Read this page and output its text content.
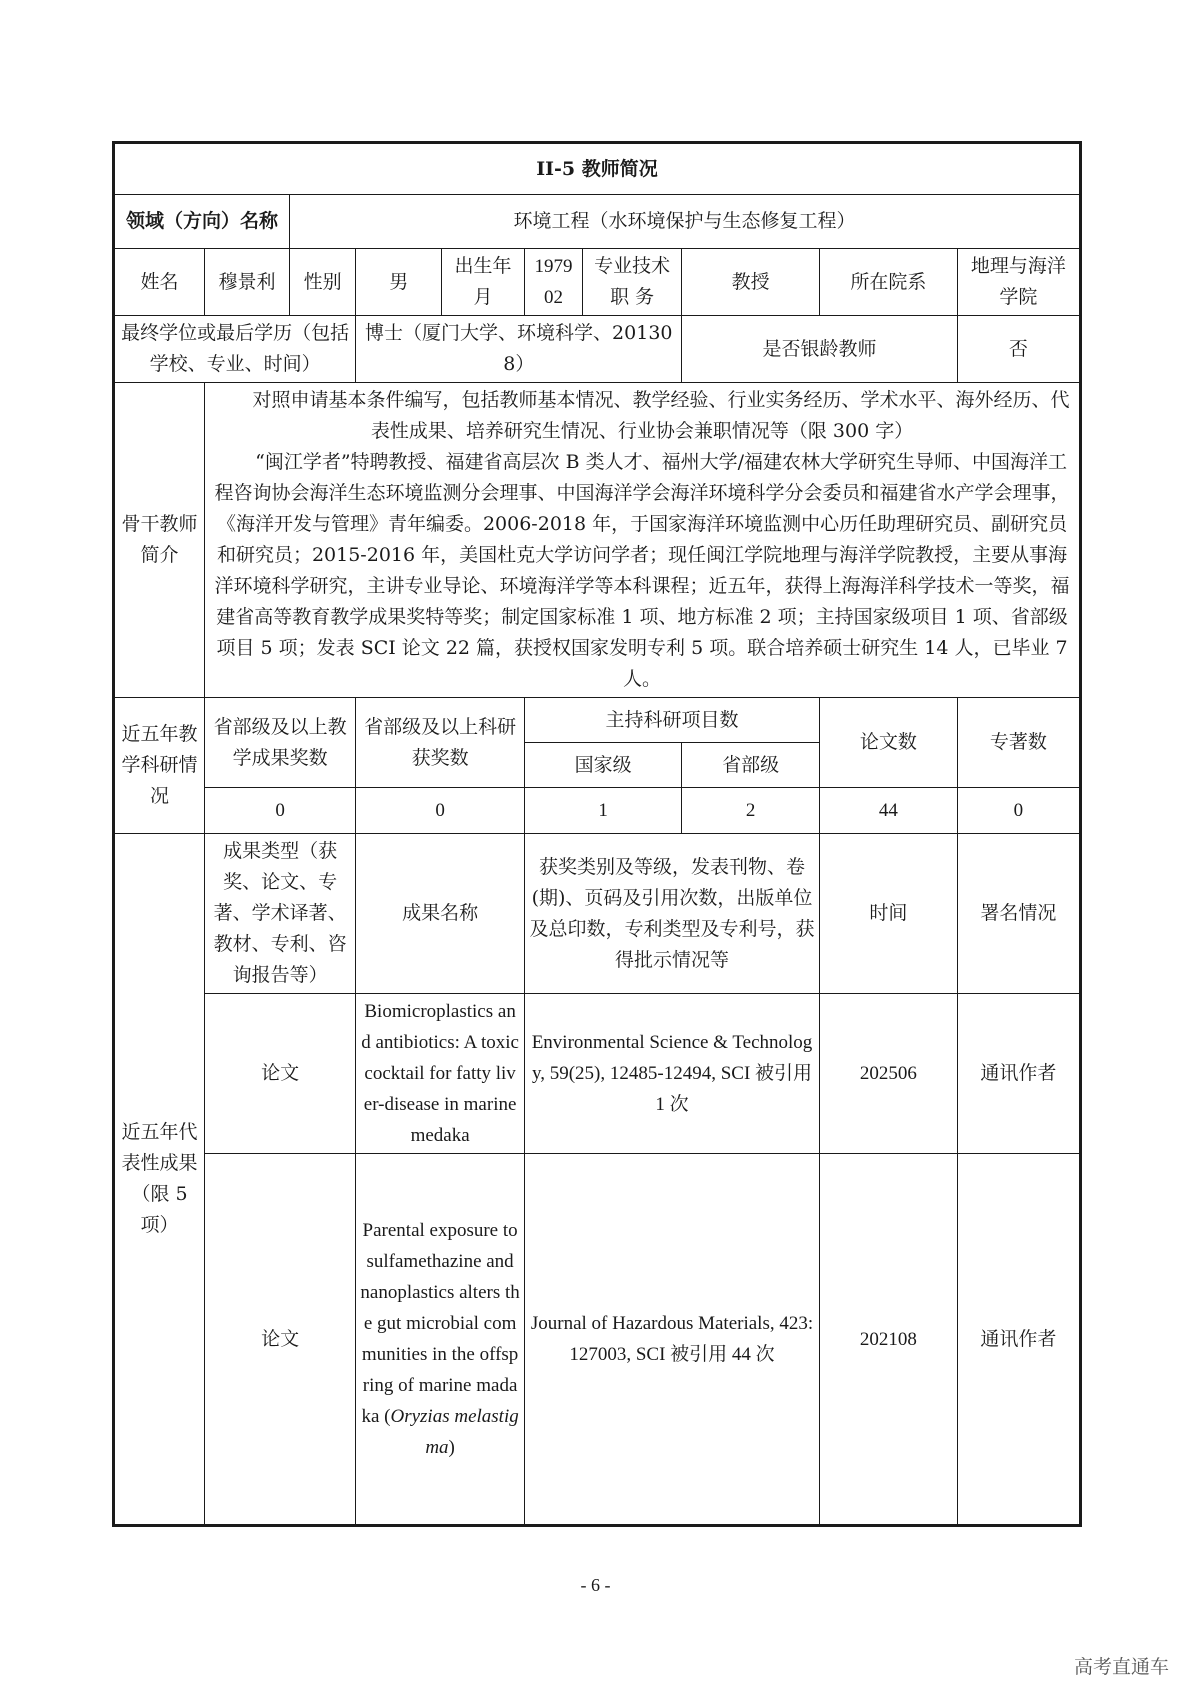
II-5 教师简况									
领域（方向）名称		环境工程（水环境保护与生态修复工程）							
姓名	穆景利	性别	男	出生年月	1979 02	专业技术职 务	教授	所在院系	地理与海洋学院
最终学位或最后学历（包括学校、专业、时间）			博士（厦门大学、环境科学、201308）				是否银龄教师		否
骨干教师简介	对照申请基本条件编写，包括教师基本情况、教学经验、行业实务经历、学术水平、海外经历、代表性成果、培养研究生情况、行业协会兼职情况等（限 300 字）

“闽江学者”特聘教授、福建省高层次 B 类人才、福州大学/福建农林大学研究生导师、中国海洋工程咨询协会海洋生态环境监测分会理事、中国海洋学会海洋环境科学分会委员和福建省水产学会理事，《海洋开发与管理》青年编委。2006-2018 年，于国家海洋环境监测中心历任助理研究员、副研究员和研究员；2015-2016 年，美国杜克大学访问学者；现任闽江学院地理与海洋学院教授，主要从事海洋环境科学研究，主讲专业导论、环境海洋学等本科课程；近五年，获得上海海洋科学技术一等奖，福建省高等教育教学成果奖特等奖；制定国家标准 1 项、地方标准 2 项；主持国家级项目 1 项、省部级项目 5 项；发表 SCI 论文 22 篇，获授权国家发明专利 5 项。联合培养硕士研究生 14 人，已毕业 7 人。								

近五年教学科研情况	省部级及以上教学成果奖数		省部级及以上科研获奖数		主持科研项目数			论文数	专著数
					国家级		省部级		
	0		0		1		2	44	0
近五年代表性成果（限 5 项）	成果类型（获奖、论文、专著、学术译著、教材、专利、咨询报告等）		成果名称		获奖类别及等级，发表刊物、卷(期)、页码及引用次数，出版单位及总印数，专利类型及专利号，获得批示情况等			时间	署名情况
	论文		Biomicroplastics and antibiotics: A toxic cocktail for fatty liver-disease in marine medaka		Environmental Science & Technology, 59(25), 12485-12494, SCI 被引用 1 次			202506	通讯作者
	论文		Parental exposure to sulfamethazine and nanoplastics alters the gut microbial communities in the offspring of marine madaka (Oryzias melastigma)		Journal of Hazardous Materials, 423: 127003, SCI 被引用 44 次			202108	通讯作者
- 6 -
高考直通车
